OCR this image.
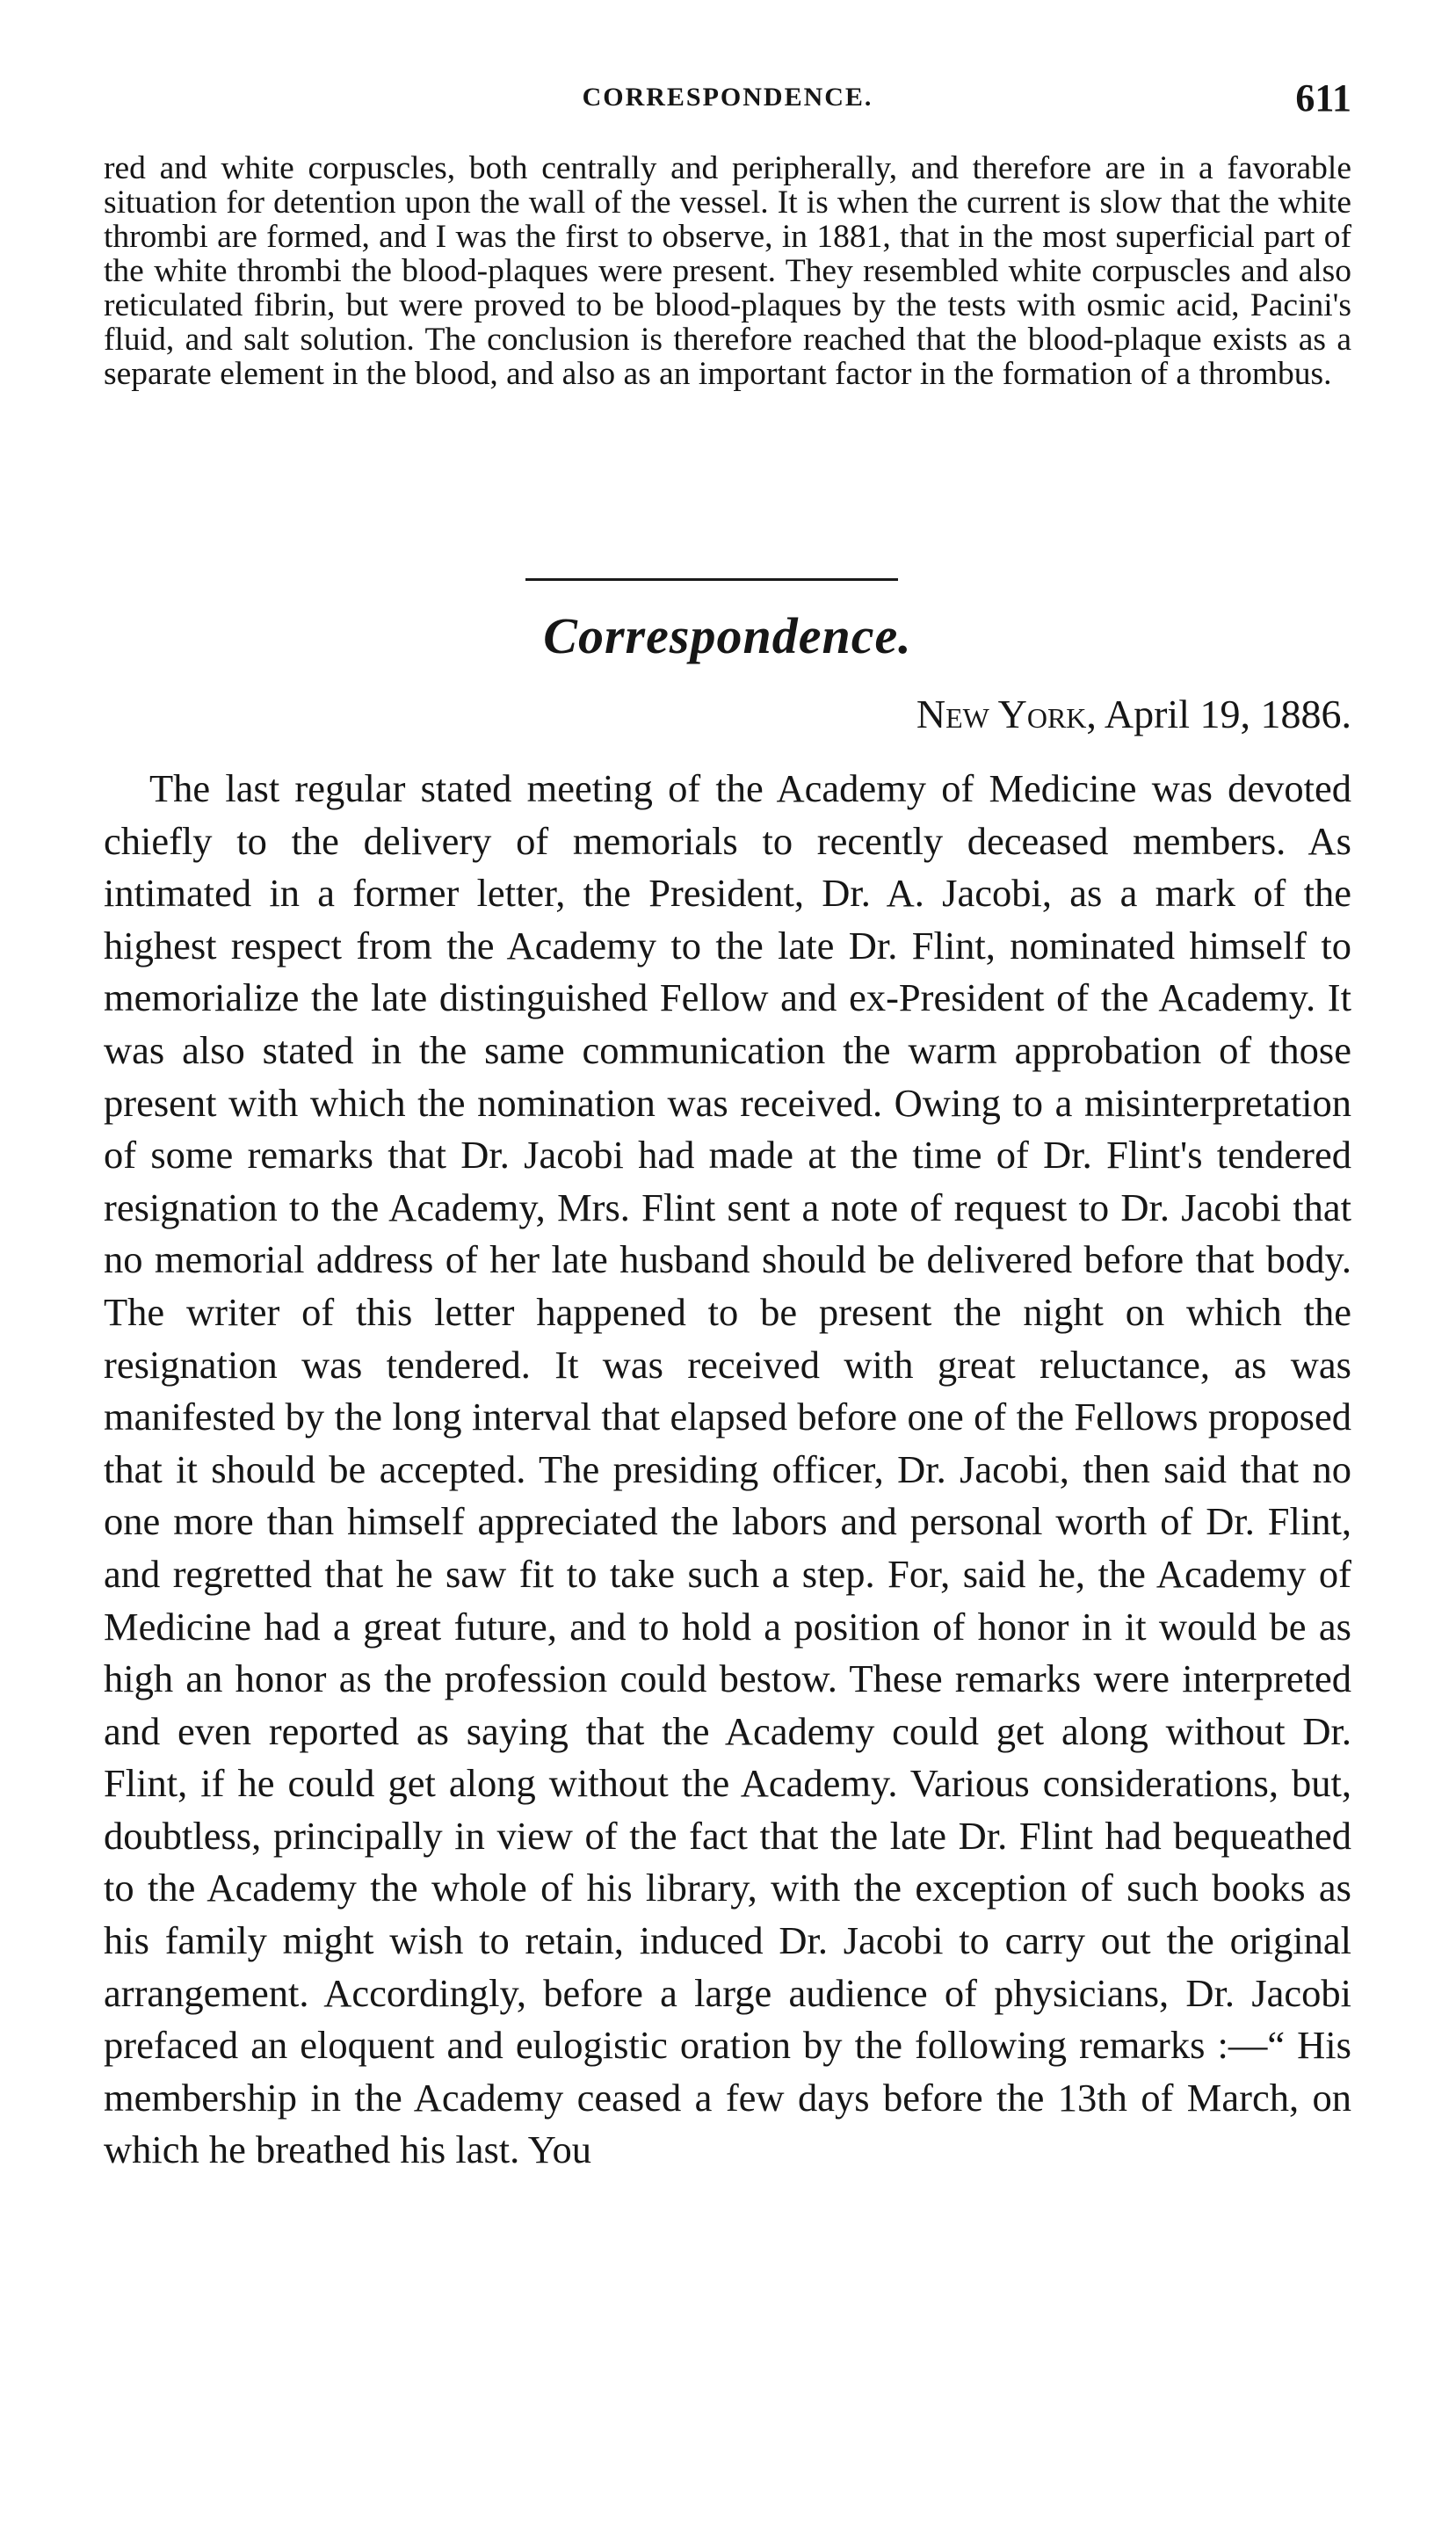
CORRESPONDENCE.	611

red and white corpuscles, both centrally and peripherally, and therefore are in a favorable situation for detention upon the wall of the vessel. It is when the current is slow that the white thrombi are formed, and I was the first to observe, in 1881, that in the most superficial part of the white thrombi the blood-plaques were present. They resembled white corpuscles and also reticulated fibrin, but were proved to be blood-plaques by the tests with osmic acid, Pacini's fluid, and salt solution. The conclusion is therefore reached that the blood-plaque exists as a separate element in the blood, and also as an important factor in the formation of a thrombus.

Correspondence.
New York, April 19, 1886.

The last regular stated meeting of the Academy of Medicine was devoted chiefly to the delivery of memorials to recently deceased members. As intimated in a former letter, the President, Dr. A. Jacobi, as a mark of the highest respect from the Academy to the late Dr. Flint, nominated himself to memorialize the late distinguished Fellow and ex-President of the Academy. It was also stated in the same communication the warm approbation of those present with which the nomination was received. Owing to a misinterpretation of some remarks that Dr. Jacobi had made at the time of Dr. Flint's tendered resignation to the Academy, Mrs. Flint sent a note of request to Dr. Jacobi that no memorial address of her late husband should be delivered before that body. The writer of this letter happened to be present the night on which the resignation was tendered. It was received with great reluctance, as was manifested by the long interval that elapsed before one of the Fellows proposed that it should be accepted. The presiding officer, Dr. Jacobi, then said that no one more than himself appreciated the labors and personal worth of Dr. Flint, and regretted that he saw fit to take such a step. For, said he, the Academy of Medicine had a great future, and to hold a position of honor in it would be as high an honor as the profession could bestow. These remarks were interpreted and even reported as saying that the Academy could get along without Dr. Flint, if he could get along without the Academy. Various considerations, but, doubtless, principally in view of the fact that the late Dr. Flint had bequeathed to the Academy the whole of his library, with the exception of such books as his family might wish to retain, induced Dr. Jacobi to carry out the original arrangement. Accordingly, before a large audience of physicians, Dr. Jacobi prefaced an eloquent and eulogistic oration by the following remarks :—“ His membership in the Academy ceased a few days before the 13th of March, on which he breathed his last. You
